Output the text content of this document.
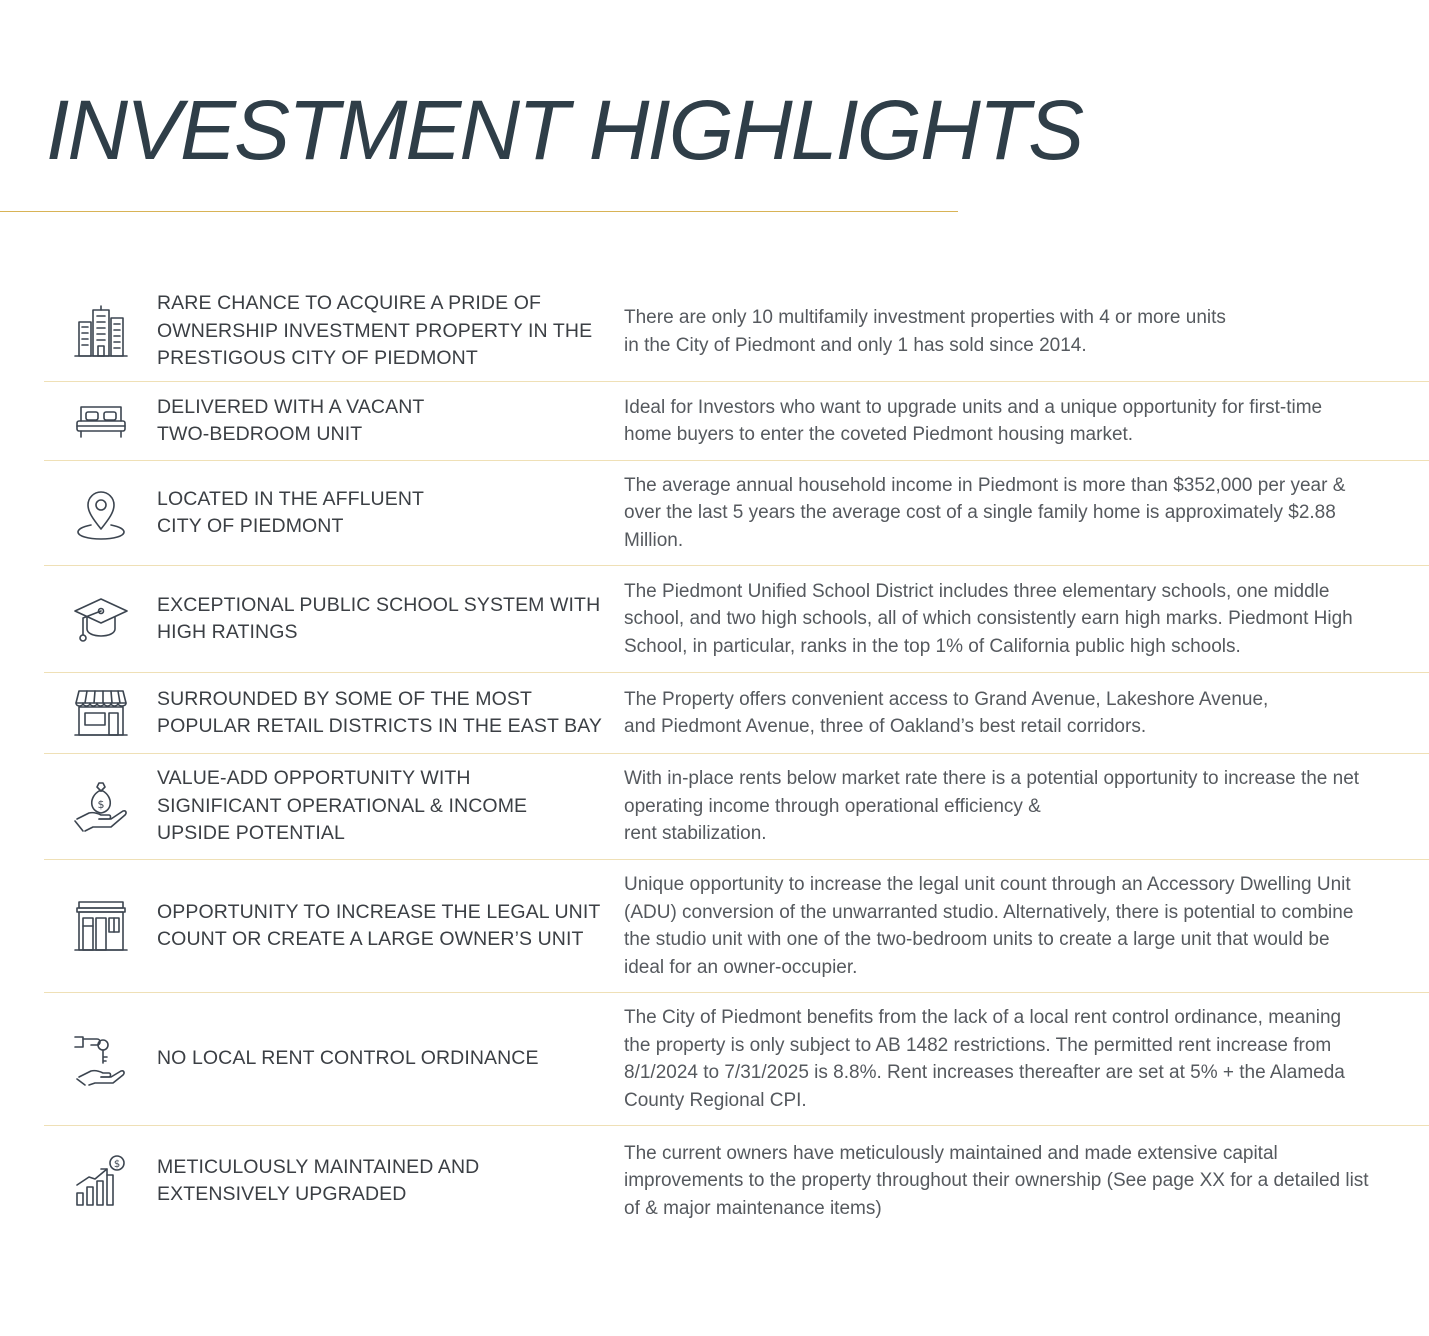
INVESTMENT HIGHLIGHTS
RARE CHANCE TO ACQUIRE A PRIDE OF
OWNERSHIP INVESTMENT PROPERTY IN THE
PRESTIGOUS CITY OF PIEDMONT
There are only 10 multifamily investment properties with 4 or more units
in the City of Piedmont and only 1 has sold since 2014.
DELIVERED WITH A VACANT
TWO-BEDROOM UNIT
Ideal for Investors who want to upgrade units and a unique opportunity for first-time
home buyers to enter the coveted Piedmont housing market.
LOCATED IN THE AFFLUENT
CITY OF PIEDMONT
The average annual household income in Piedmont is more than $352,000 per year &
over the last 5 years the average cost of a single family home is approximately $2.88
Million.
EXCEPTIONAL PUBLIC SCHOOL SYSTEM WITH
HIGH RATINGS
The Piedmont Unified School District includes three elementary schools, one middle
school, and two high schools, all of which consistently earn high marks. Piedmont High
School, in particular, ranks in the top 1% of California public high schools.
SURROUNDED BY SOME OF THE MOST
POPULAR RETAIL DISTRICTS IN THE EAST BAY
The Property offers convenient access to Grand Avenue, Lakeshore Avenue,
and Piedmont Avenue, three of Oakland’s best retail corridors.
$
VALUE-ADD OPPORTUNITY WITH
SIGNIFICANT OPERATIONAL & INCOME
UPSIDE POTENTIAL
With in-place rents below market rate there is a potential opportunity to increase the net
operating income through operational efficiency &
rent stabilization.
OPPORTUNITY TO INCREASE THE LEGAL UNIT
COUNT OR CREATE A LARGE OWNER’S UNIT
Unique opportunity to increase the legal unit count through an Accessory Dwelling Unit
(ADU) conversion of the unwarranted studio. Alternatively, there is potential to combine
the studio unit with one of the two-bedroom units to create a large unit that would be
ideal for an owner-occupier.
NO LOCAL RENT CONTROL ORDINANCE
The City of Piedmont benefits from the lack of a local rent control ordinance, meaning
the property is only subject to AB 1482 restrictions. The permitted rent increase from
8/1/2024 to 7/31/2025 is 8.8%. Rent increases thereafter are set at 5% + the Alameda
County Regional CPI.
$ METICULOUSLY MAINTAINED AND
EXTENSIVELY UPGRADED
The current owners have meticulously maintained and made extensive capital
improvements to the property throughout their ownership (See page XX for a detailed list
of & major maintenance items)
